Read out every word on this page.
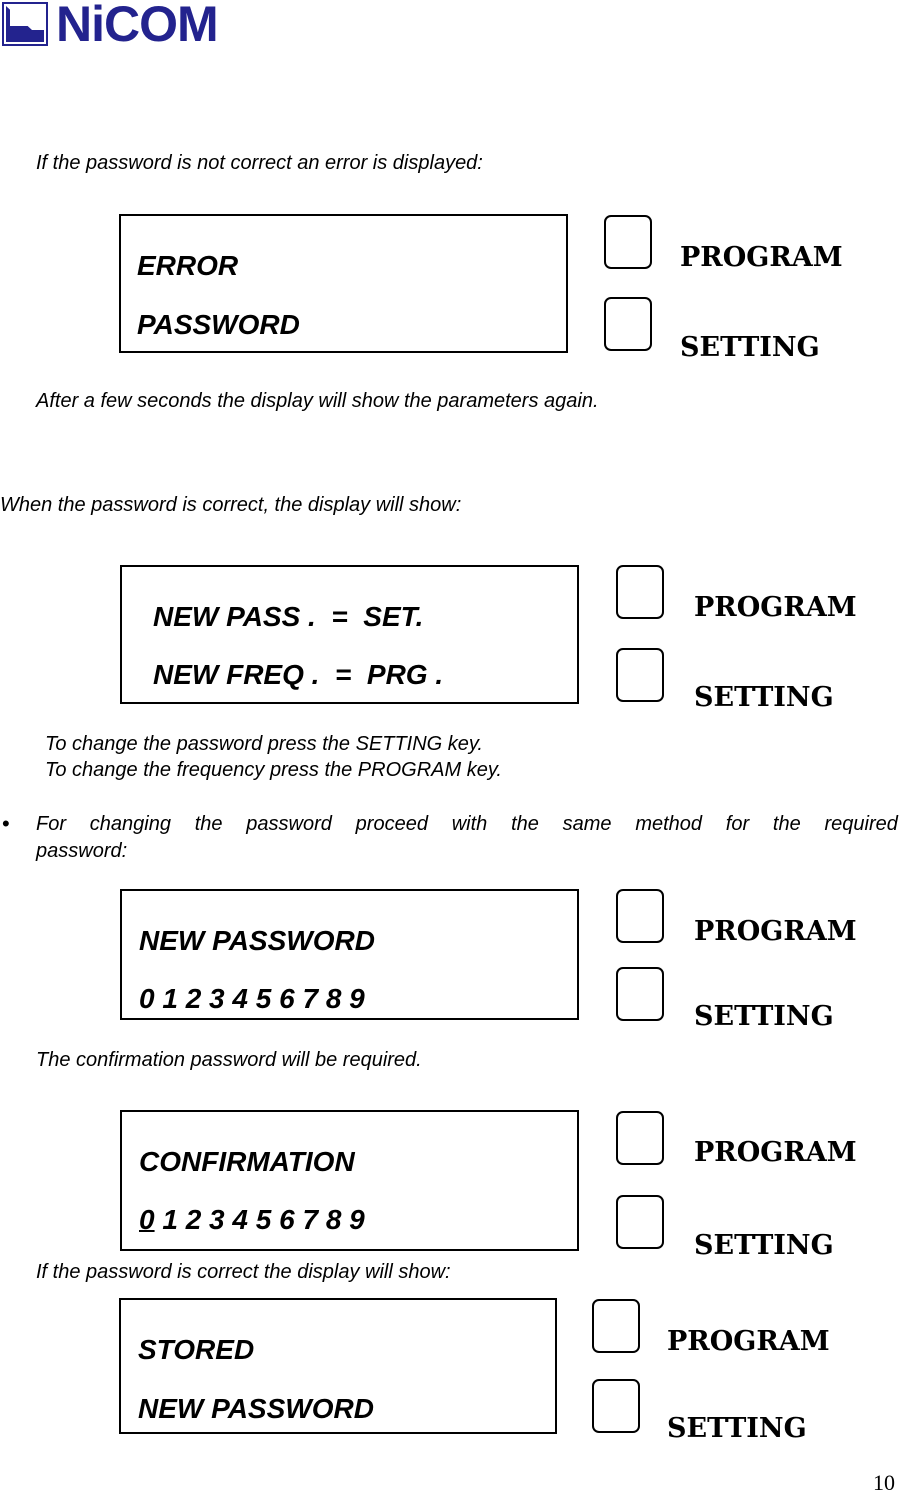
NiCOM
If the password is not correct an error is displayed:
ERROR
PASSWORD
PROGRAM
SETTING
After a few seconds the display will show the parameters again.
When the password is correct, the display will show:
NEW PASS .  =  SET.
NEW FREQ .  =  PRG .
PROGRAM
SETTING
To change the password press the SETTING key.
To change the frequency press the PROGRAM key.
• For changing the password proceed with the same method for the required
password:
NEW PASSWORD
0 1 2 3 4 5 6 7 8 9
PROGRAM
SETTING
The confirmation password will be required.
CONFIRMATION
0 1 2 3 4 5 6 7 8 9
PROGRAM
SETTING
If the password is correct the display will show:
STORED
NEW PASSWORD
PROGRAM
SETTING
10
